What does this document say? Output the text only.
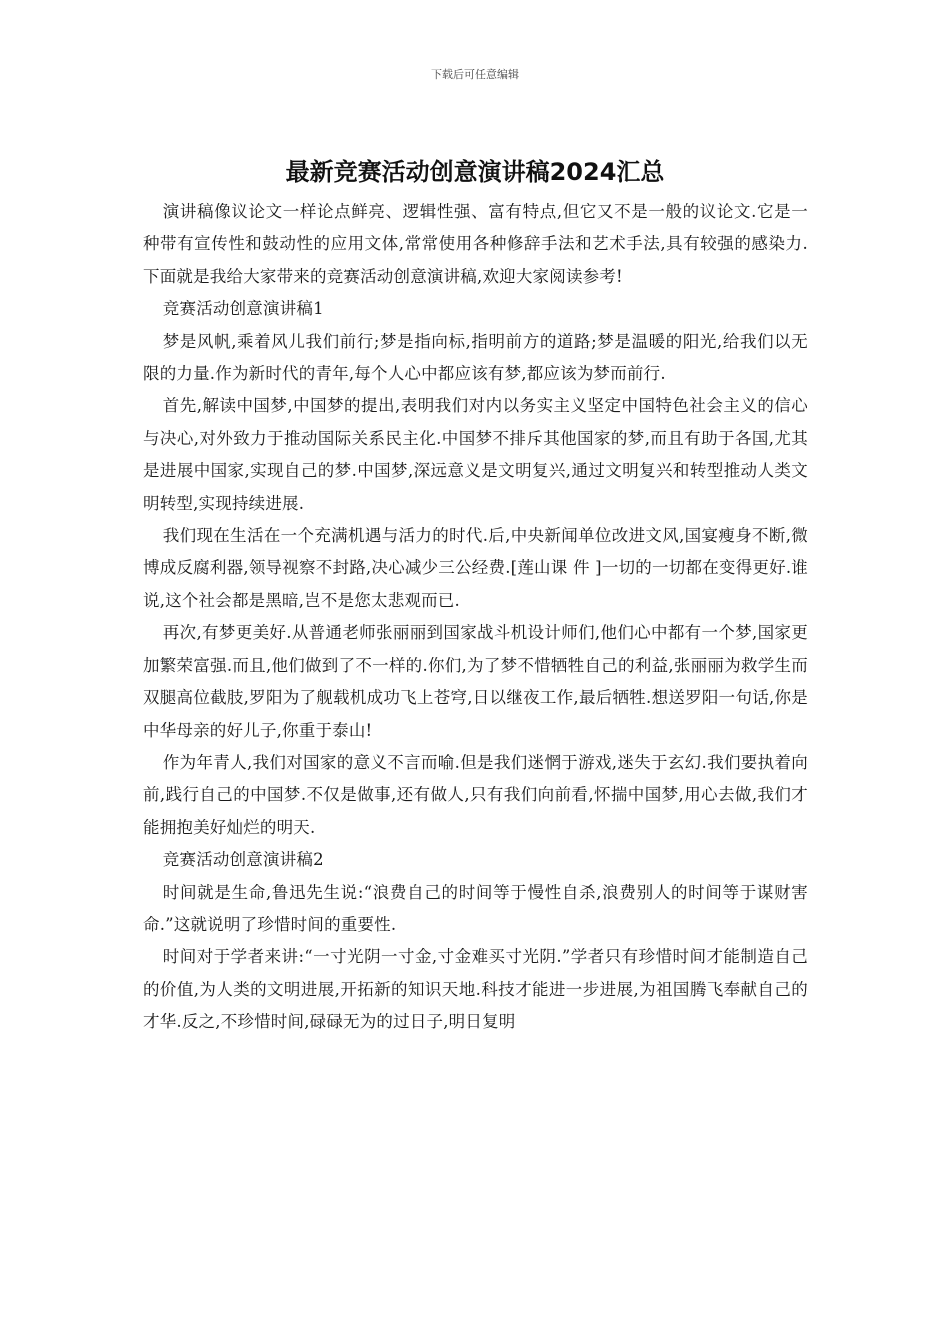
下载后可任意编辑
最新竞赛活动创意演讲稿2024汇总

演讲稿像议论文一样论点鲜亮、逻辑性强、富有特点,但它又不是一般的议论文.它是一种带有宣传性和鼓动性的应用文体,常常使用各种修辞手法和艺术手法,具有较强的感染力.下面就是我给大家带来的竞赛活动创意演讲稿,欢迎大家阅读参考!

竞赛活动创意演讲稿1

梦是风帆,乘着风儿我们前行;梦是指向标,指明前方的道路;梦是温暖的阳光,给我们以无限的力量.作为新时代的青年,每个人心中都应该有梦,都应该为梦而前行.

首先,解读中国梦,中国梦的提出,表明我们对内以务实主义坚定中国特色社会主义的信心与决心,对外致力于推动国际关系民主化.中国梦不排斥其他国家的梦,而且有助于各国,尤其是进展中国家,实现自己的梦.中国梦,深远意义是文明复兴,通过文明复兴和转型推动人类文明转型,实现持续进展.

我们现在生活在一个充满机遇与活力的时代.后,中央新闻单位改进文风,国宴瘦身不断,微博成反腐利器,领导视察不封路,决心减少三公经费.[莲山课 件 ]一切的一切都在变得更好.谁说,这个社会都是黑暗,岂不是您太悲观而已.

再次,有梦更美好.从普通老师张丽丽到国家战斗机设计师们,他们心中都有一个梦,国家更加繁荣富强.而且,他们做到了不一样的.你们,为了梦不惜牺牲自己的利益,张丽丽为救学生而双腿高位截肢,罗阳为了舰载机成功飞上苍穹,日以继夜工作,最后牺牲.想送罗阳一句话,你是中华母亲的好儿子,你重于泰山!

作为年青人,我们对国家的意义不言而喻.但是我们迷惘于游戏,迷失于玄幻.我们要执着向前,践行自己的中国梦.不仅是做事,还有做人,只有我们向前看,怀揣中国梦,用心去做,我们才能拥抱美好灿烂的明天.

竞赛活动创意演讲稿2

时间就是生命,鲁迅先生说:“浪费自己的时间等于慢性自杀,浪费别人的时间等于谋财害命.”这就说明了珍惜时间的重要性.

时间对于学者来讲:“一寸光阴一寸金,寸金难买寸光阴.”学者只有珍惜时间才能制造自己的价值,为人类的文明进展,开拓新的知识天地.科技才能进一步进展,为祖国腾飞奉献自己的才华.反之,不珍惜时间,碌碌无为的过日子,明日复明
